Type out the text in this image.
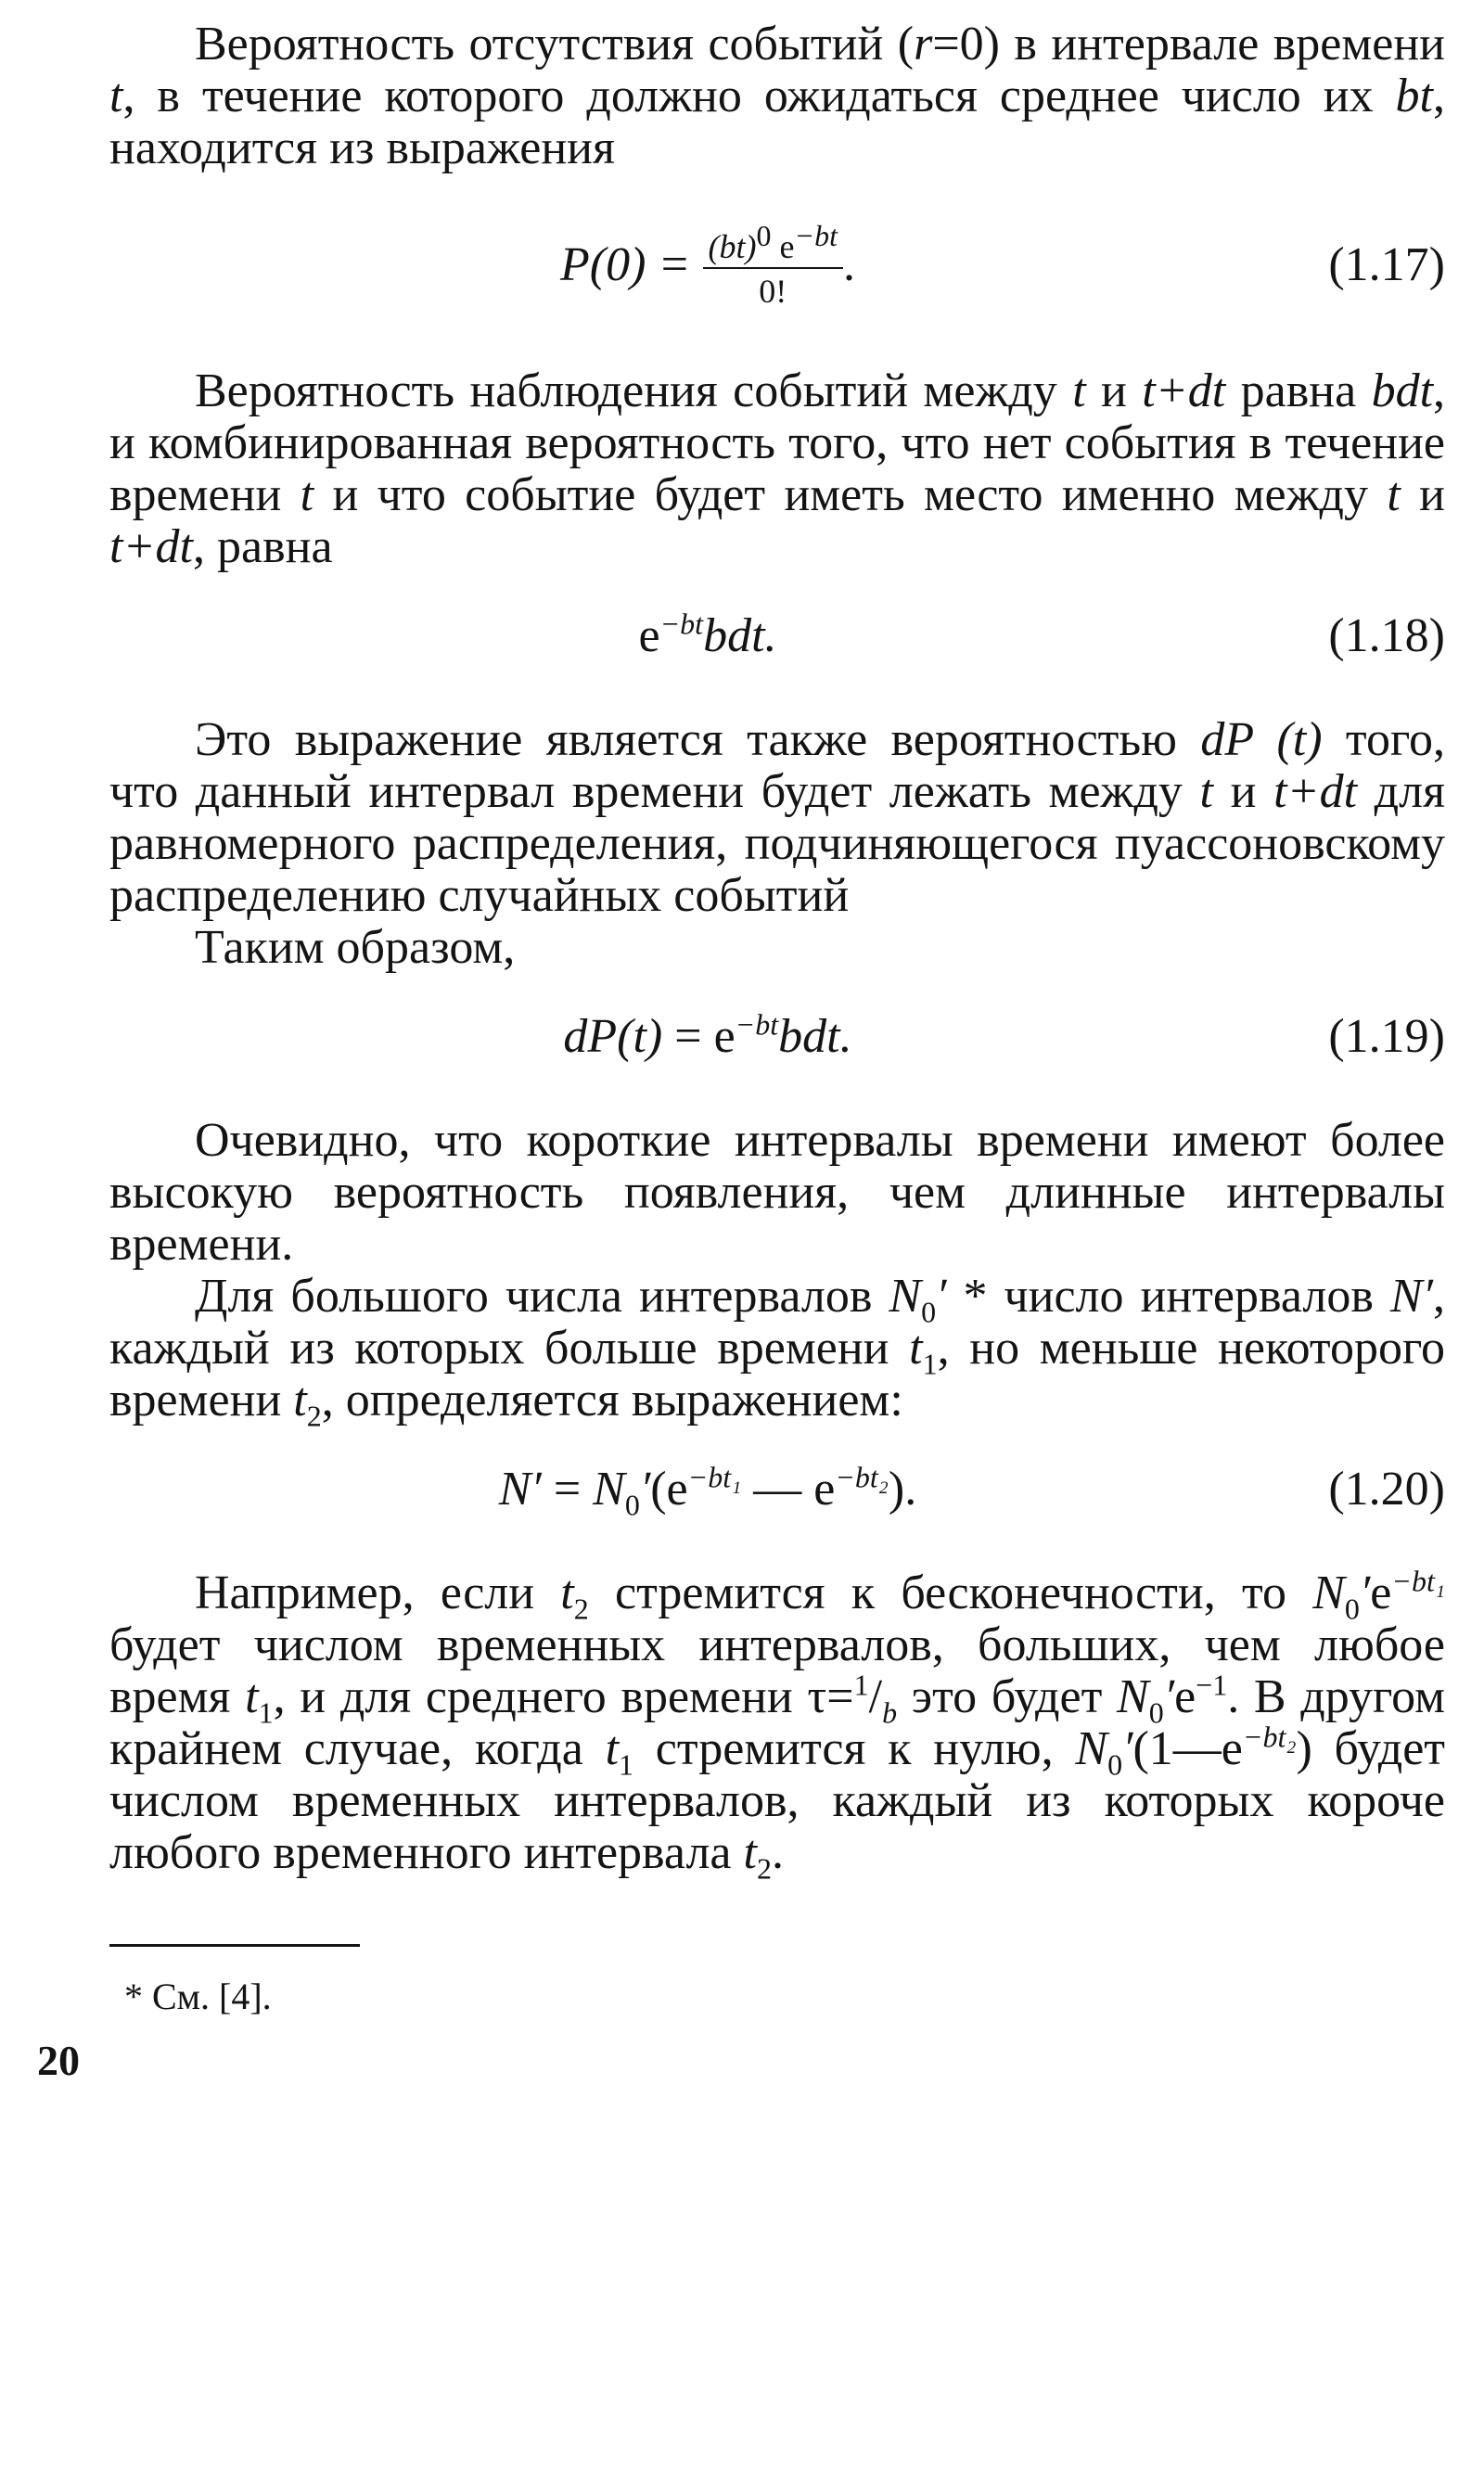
Вероятность отсутствия событий (r=0) в интервале времени t, в течение которого должно ожидаться среднее число их bt, находится из выражения

$P(0) = \frac{(bt)^0 e^{-bt}}{0!}$ .	(1.17)

Вероятность наблюдения событий между t и t+dt равна bdt, и комбинированная вероятность того, что нет события в течение времени t и что событие будет иметь место именно между t и t+dt, равна

$e^{-bt}bdt$.	(1.18)

Это выражение является также вероятностью dP (t) того, что данный интервал времени будет лежать между t и t+dt для равномерного распределения, подчиняющегося пуассоновскому распределению случайных событий

Таким образом,

$dP(t) = e^{-bt}bdt$.	(1.19)

Очевидно, что короткие интервалы времени имеют более высокую вероятность появления, чем длинные интервалы времени.

Для большого числа интервалов $N_0'$ * число интервалов N′, каждый из которых больше времени $t_1$, но меньше некоторого времени $t_2$, определяется выражением:

$N' = N_0'(e^{-bt_1}$ — $e^{-bt_2}$).	(1.20)

Например, если $t_2$ стремится к бесконечности, то $N_0'e^{-bt_1}$ будет числом временных интервалов, больших, чем любое время $t_1$, и для среднего времени $\tau=^1/_b$ это будет $N_0'e^{-1}$. В другом крайнем случае, когда $t_1$ стремится к нулю, $N_0'(1—e^{-bt_2})$ будет числом временных интервалов, каждый из которых короче любого временного интервала $t_2$.

* См. [4].
20
